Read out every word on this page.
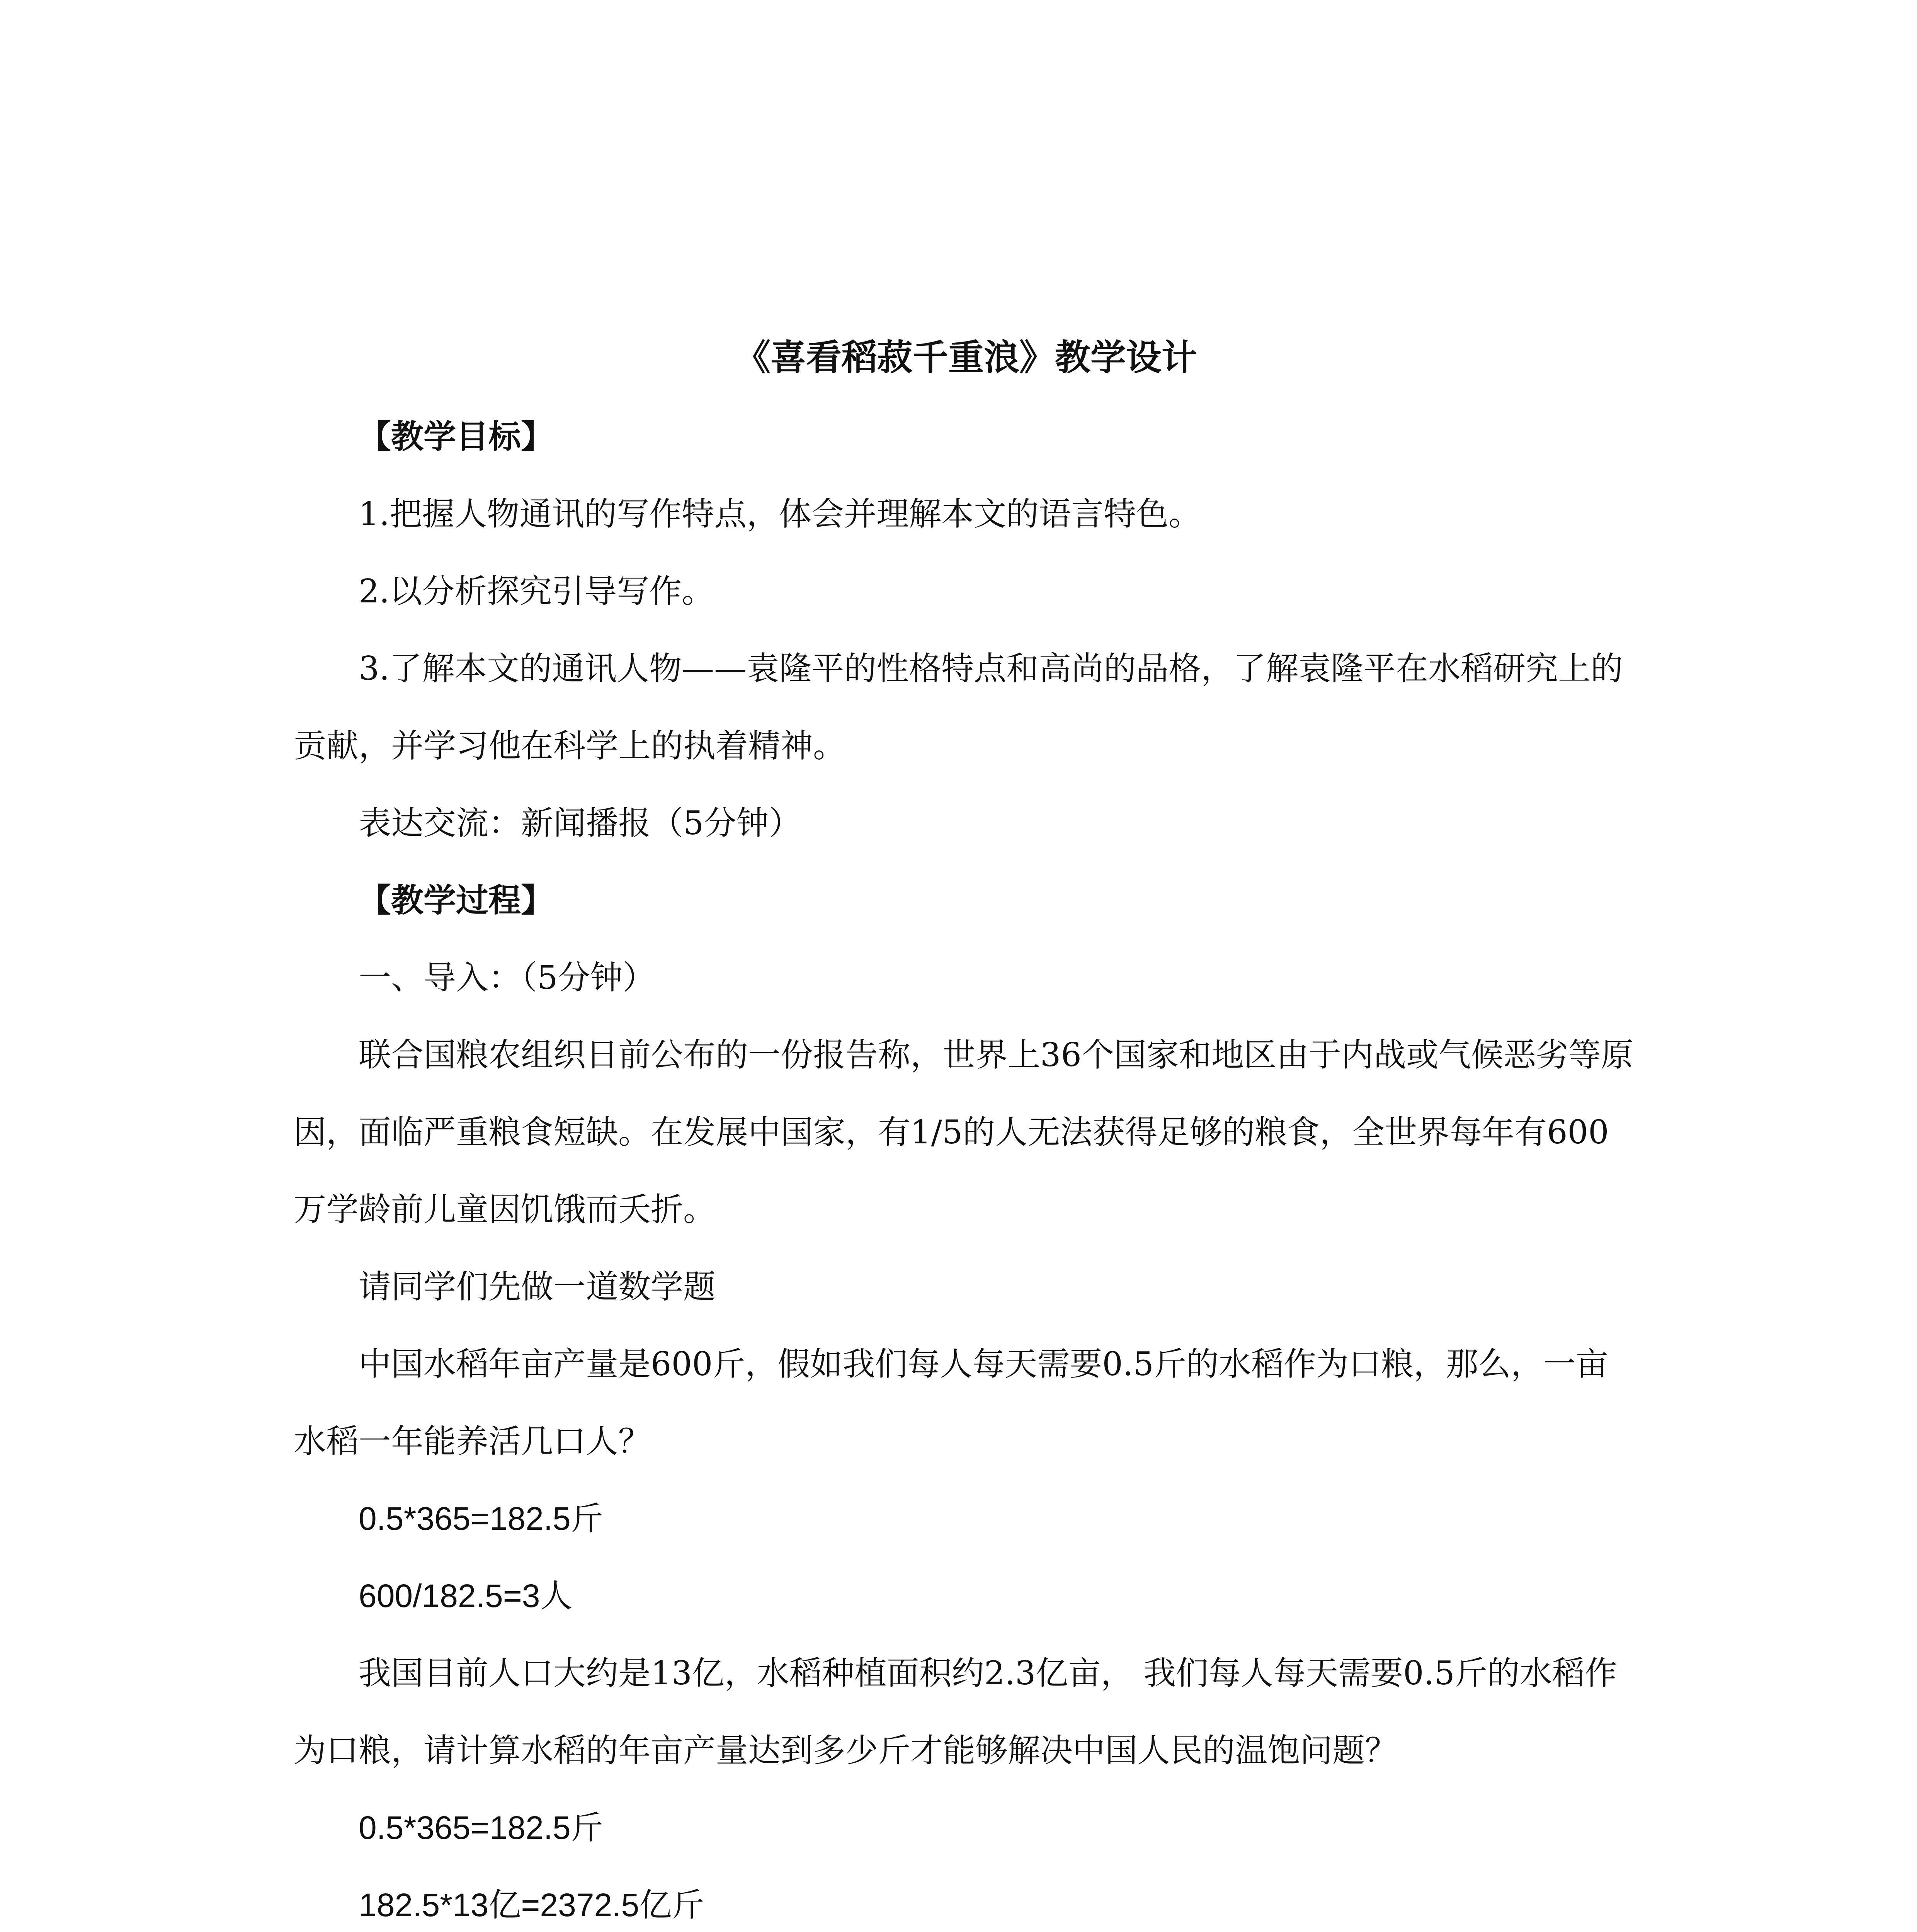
《喜看稻菽千重浪》教学设计

【教学目标】

1.把握人物通讯的写作特点，体会并理解本文的语言特色。

2.以分析探究引导写作。

3.了解本文的通讯人物——袁隆平的性格特点和高尚的品格，了解袁隆平在水稻研究上的贡献，并学习他在科学上的执着精神。

表达交流：新闻播报（5分钟）

【教学过程】

一、导入：（5分钟）

联合国粮农组织日前公布的一份报告称，世界上36个国家和地区由于内战或气候恶劣等原因，面临严重粮食短缺。在发展中国家，有1/5的人无法获得足够的粮食，全世界每年有600万学龄前儿童因饥饿而夭折。

请同学们先做一道数学题

中国水稻年亩产量是600斤，假如我们每人每天需要0.5斤的水稻作为口粮，那么，一亩水稻一年能养活几口人？

0.5*365=182.5斤

600/182.5=3人

我国目前人口大约是13亿，水稻种植面积约2.3亿亩， 我们每人每天需要0.5斤的水稻作为口粮，请计算水稻的年亩产量达到多少斤才能够解决中国人民的温饱问题？

0.5*365=182.5斤

182.5*13亿=2372.5亿斤
